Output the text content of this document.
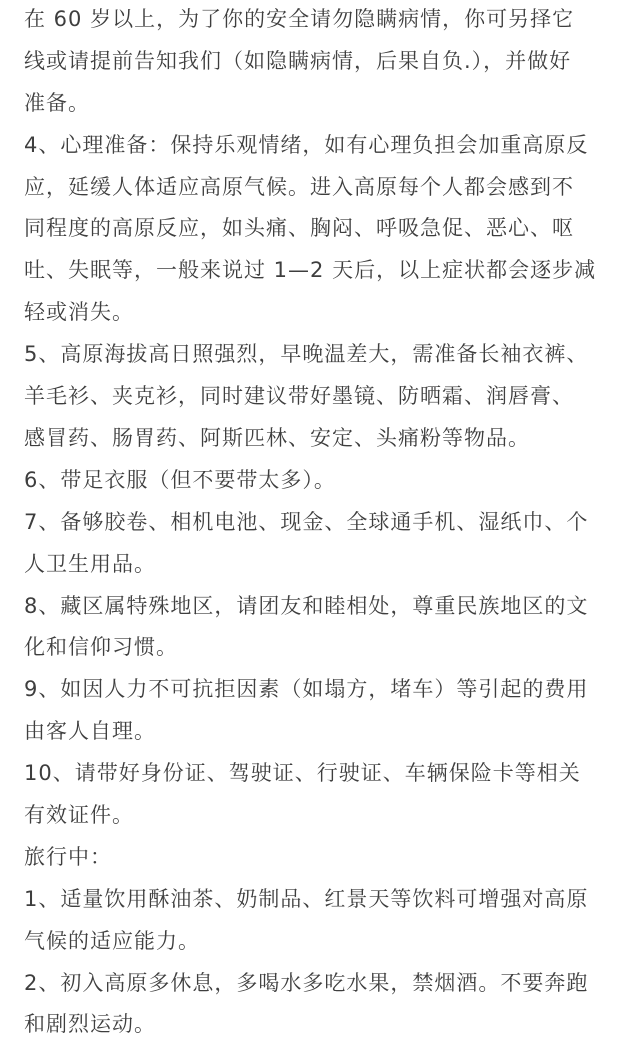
在 60 岁以上，为了你的安全请勿隐瞒病情，你可另择它
线或请提前告知我们（如隐瞒病情，后果自负.），并做好
准备。
4、心理准备：保持乐观情绪，如有心理负担会加重高原反
应，延缓人体适应高原气候。进入高原每个人都会感到不
同程度的高原反应，如头痛、胸闷、呼吸急促、恶心、呕
吐、失眠等，一般来说过 1—2 天后，以上症状都会逐步减
轻或消失。
5、高原海拔高日照强烈，早晚温差大，需准备长袖衣裤、
羊毛衫、夹克衫，同时建议带好墨镜、防晒霜、润唇膏、
感冒药、肠胃药、阿斯匹林、安定、头痛粉等物品。
6、带足衣服（但不要带太多）。
7、备够胶卷、相机电池、现金、全球通手机、湿纸巾、个
人卫生用品。
8、藏区属特殊地区，请团友和睦相处，尊重民族地区的文
化和信仰习惯。
9、如因人力不可抗拒因素（如塌方，堵车）等引起的费用
由客人自理。
10、请带好身份证、驾驶证、行驶证、车辆保险卡等相关
有效证件。
旅行中：
1、适量饮用酥油茶、奶制品、红景天等饮料可增强对高原
气候的适应能力。
2、初入高原多休息，多喝水多吃水果，禁烟酒。不要奔跑
和剧烈运动。
